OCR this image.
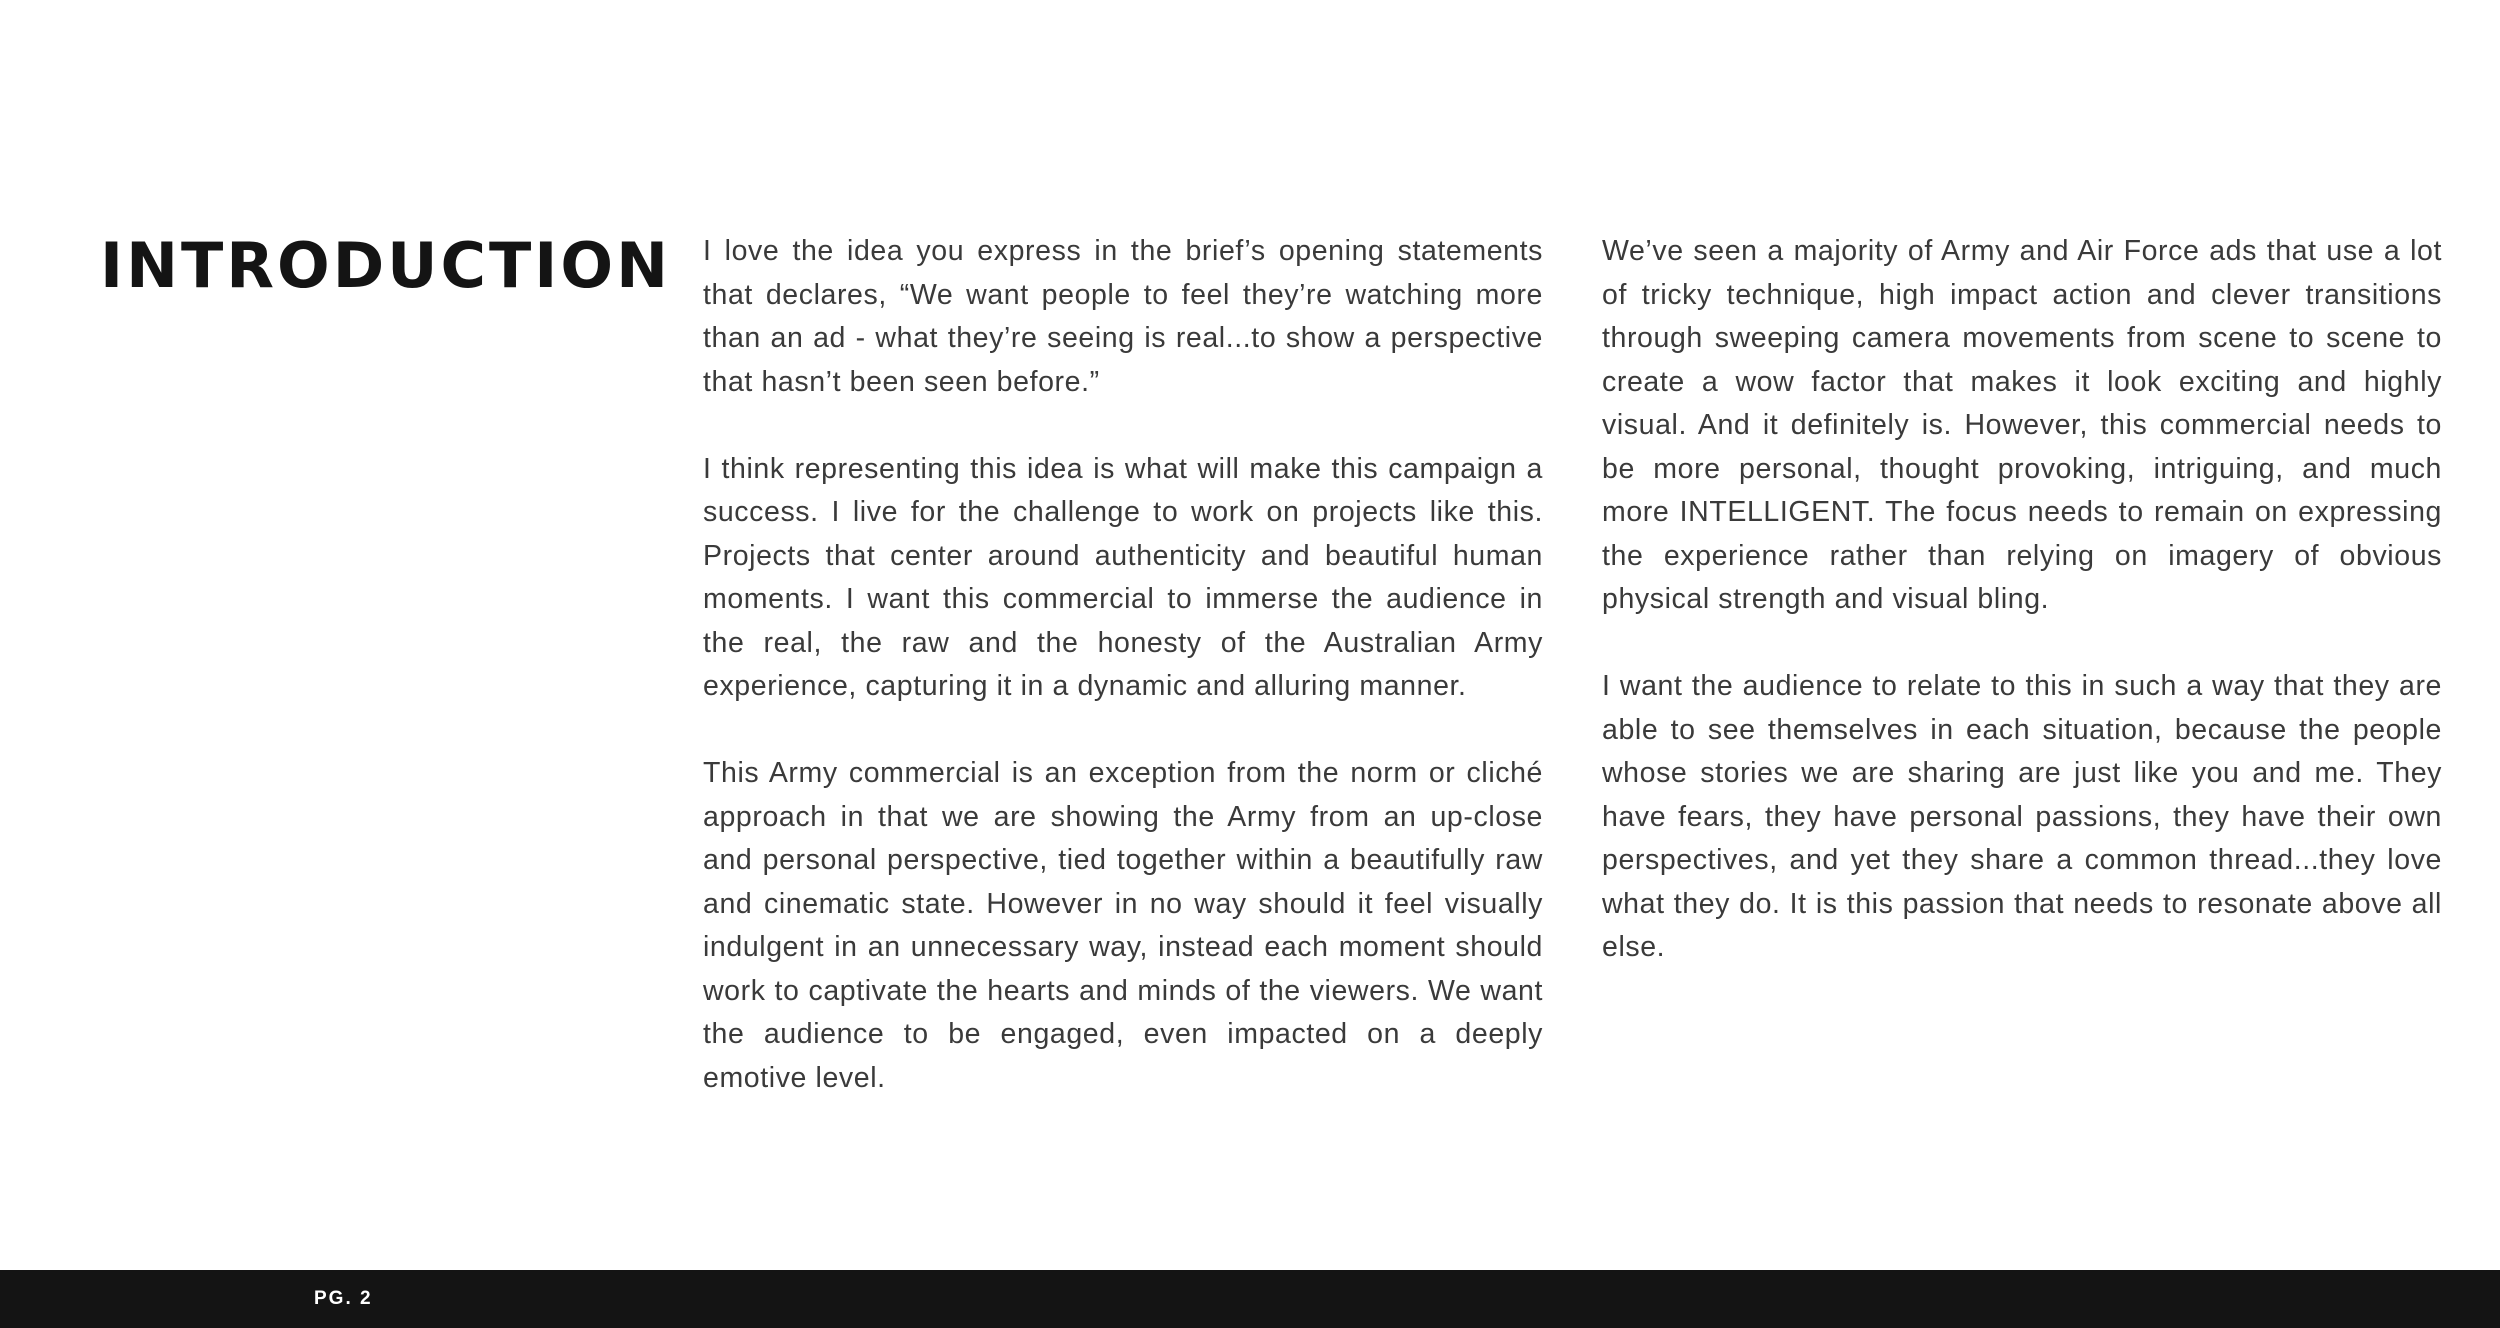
INTRODUCTION I love the idea you express in the brief’s opening statements that declares, “We want people to feel they’re watching more than an ad - what they’re seeing is real...to show a perspective that hasn’t been seen before.”

I think representing this idea is what will make this campaign a success. I live for the challenge to work on projects like this. Projects that center around authenticity and beautiful human moments. I want this commercial to immerse the audience in the real, the raw and the honesty of the Australian Army experience, capturing it in a dynamic and alluring manner.

This Army commercial is an exception from the norm or cliché approach in that we are showing the Army from an up-close and personal perspective, tied together within a beautifully raw and cinematic state. However in no way should it feel visually indulgent in an unnecessary way, instead each moment should work to captivate the hearts and minds of the viewers. We want the audience to be engaged, even impacted on a deeply emotive level.

We’ve seen a majority of Army and Air Force ads that use a lot of tricky technique, high impact action and clever transitions through sweeping camera movements from scene to scene to create a wow factor that makes it look exciting and highly visual. And it definitely is. However, this commercial needs to be more personal, thought provoking, intriguing, and much more INTELLIGENT. The focus needs to remain on expressing the experience rather than relying on imagery of obvious physical strength and visual bling.

I want the audience to relate to this in such a way that they are able to see themselves in each situation, because the people whose stories we are sharing are just like you and me. They have fears, they have personal passions, they have their own perspectives, and yet they share a common thread...they love what they do. It is this passion that needs to resonate above all else.

PG. 2
